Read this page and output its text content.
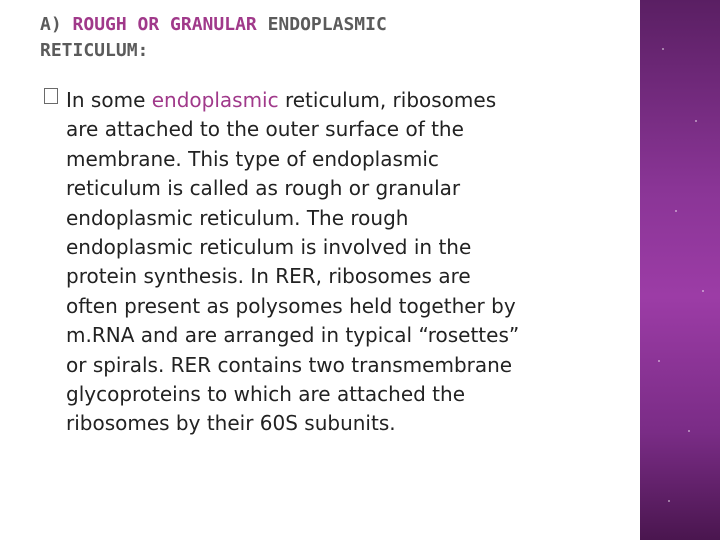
A) ROUGH OR GRANULAR ENDOPLASMIC
RETICULUM:
In some endoplasmic reticulum, ribosomes
are attached to the outer surface of the
membrane. This type of endoplasmic
reticulum is called as rough or granular
endoplasmic reticulum. The rough
endoplasmic reticulum is involved in the
protein synthesis. In RER, ribosomes are
often present as polysomes held together by
m.RNA and are arranged in typical “rosettes”
or spirals. RER contains two transmembrane
glycoproteins to which are attached the
ribosomes by their 60S subunits.
